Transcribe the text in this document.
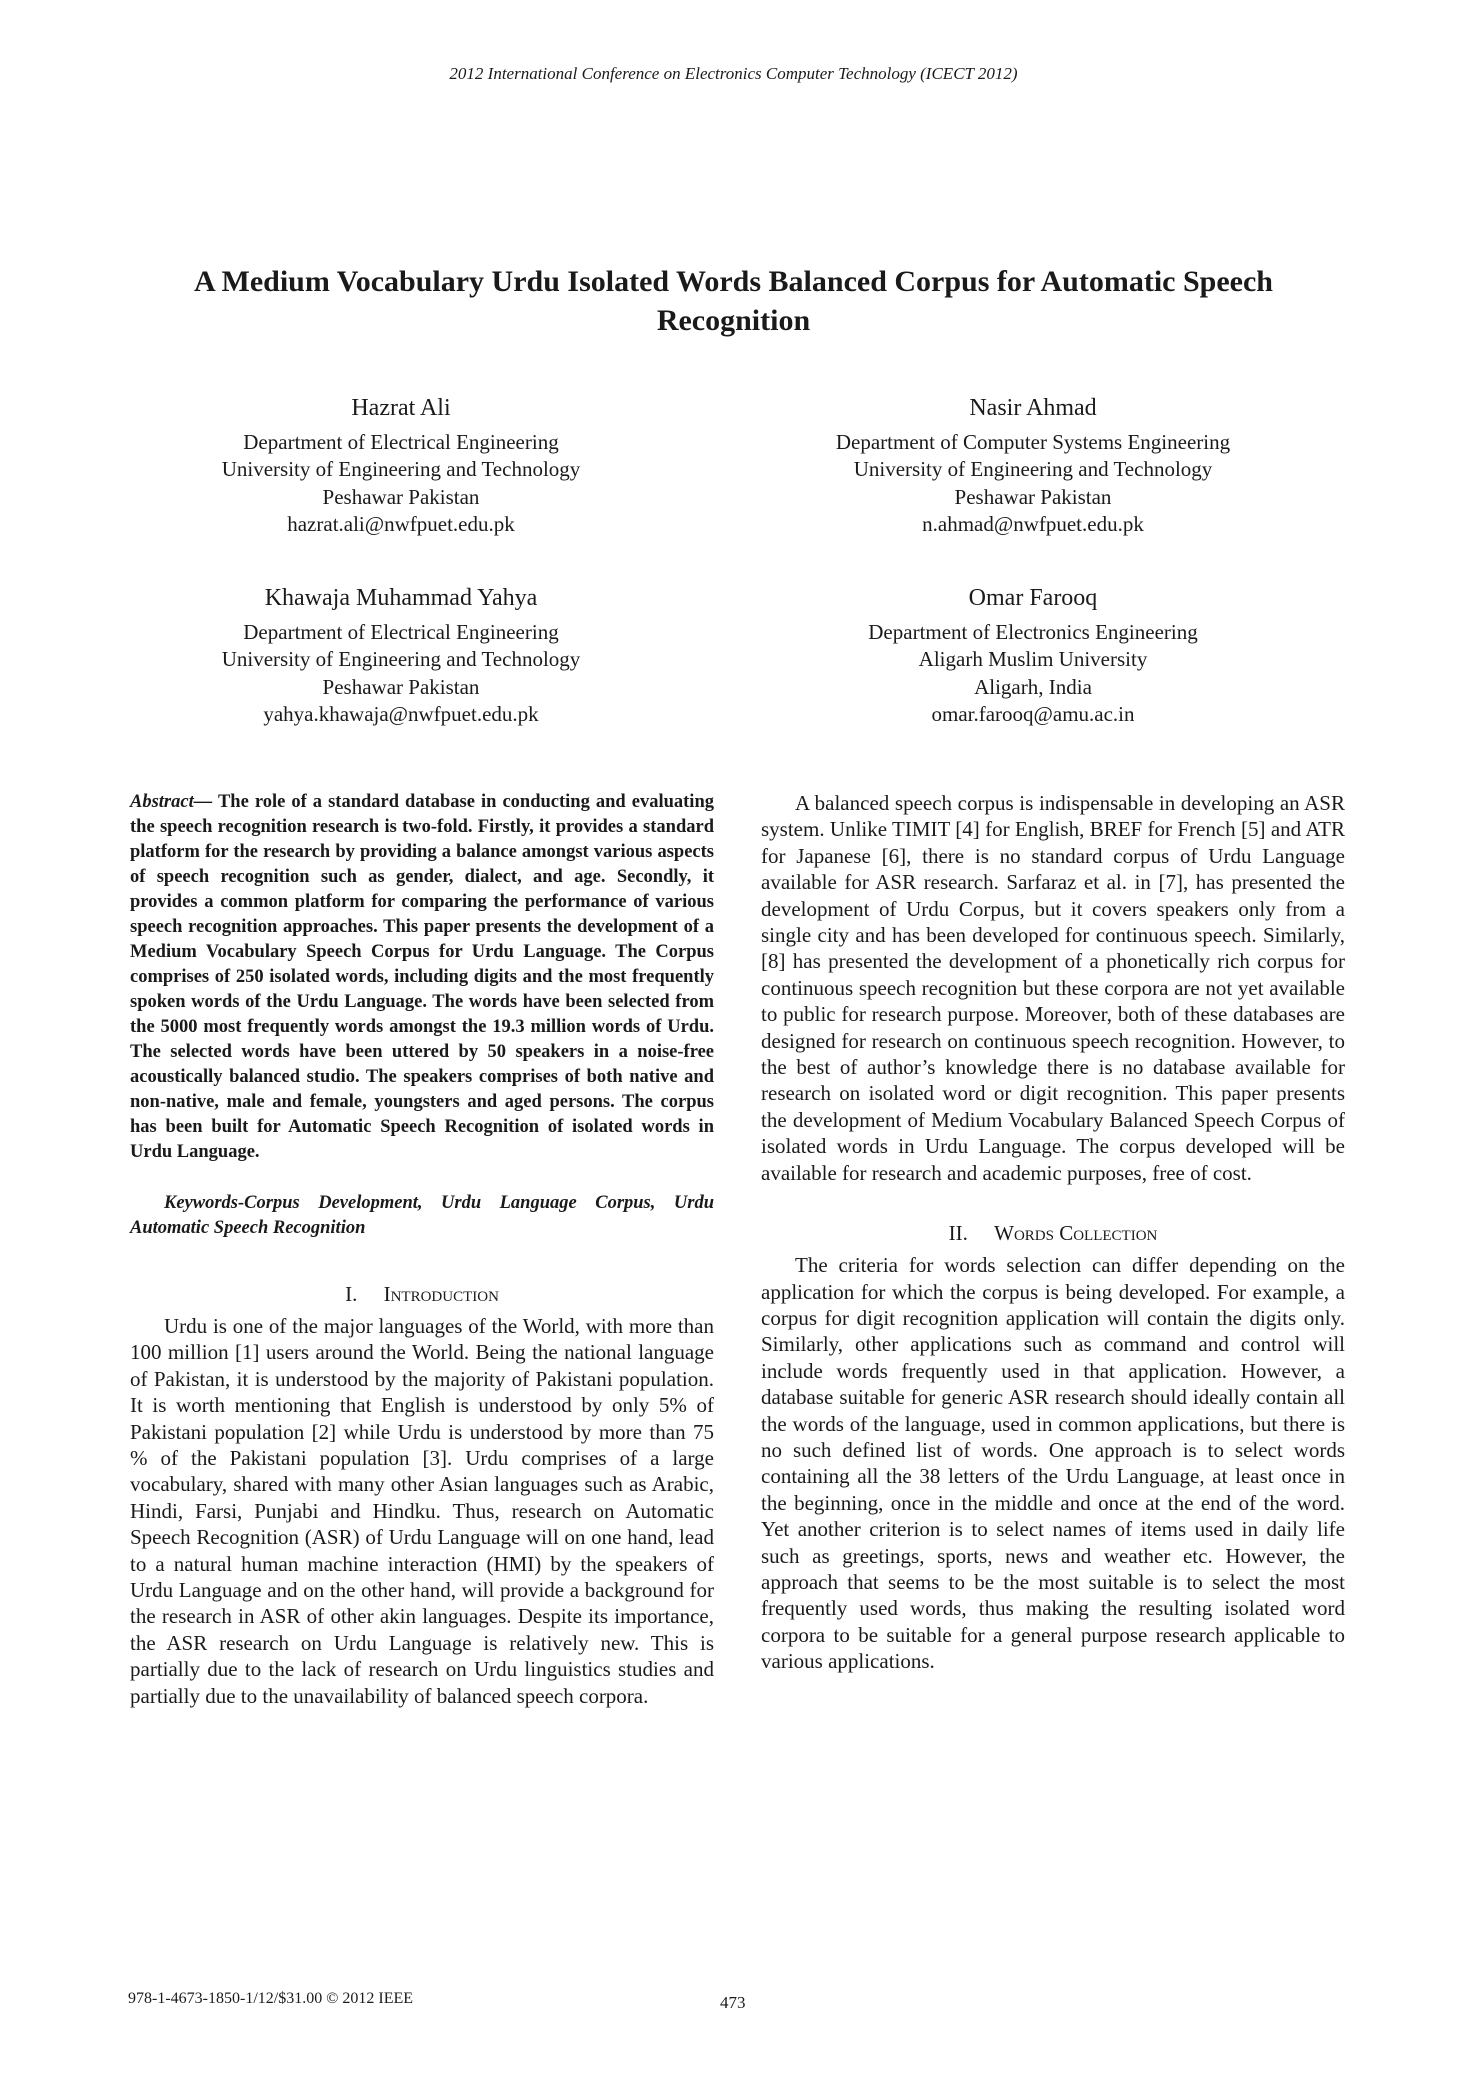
2012 International Conference on Electronics Computer Technology (ICECT 2012)
A Medium Vocabulary Urdu Isolated Words Balanced Corpus for Automatic Speech Recognition
Hazrat Ali
Department of Electrical Engineering
University of Engineering and Technology
Peshawar Pakistan
hazrat.ali@nwfpuet.edu.pk
Nasir Ahmad
Department of Computer Systems Engineering
University of Engineering and Technology
Peshawar Pakistan
n.ahmad@nwfpuet.edu.pk
Khawaja Muhammad Yahya
Department of Electrical Engineering
University of Engineering and Technology
Peshawar Pakistan
yahya.khawaja@nwfpuet.edu.pk
Omar Farooq
Department of Electronics Engineering
Aligarh Muslim University
Aligarh, India
omar.farooq@amu.ac.in
Abstract— The role of a standard database in conducting and evaluating the speech recognition research is two-fold. Firstly, it provides a standard platform for the research by providing a balance amongst various aspects of speech recognition such as gender, dialect, and age. Secondly, it provides a common platform for comparing the performance of various speech recognition approaches. This paper presents the development of a Medium Vocabulary Speech Corpus for Urdu Language. The Corpus comprises of 250 isolated words, including digits and the most frequently spoken words of the Urdu Language. The words have been selected from the 5000 most frequently words amongst the 19.3 million words of Urdu. The selected words have been uttered by 50 speakers in a noise-free acoustically balanced studio. The speakers comprises of both native and non-native, male and female, youngsters and aged persons. The corpus has been built for Automatic Speech Recognition of isolated words in Urdu Language.
Keywords-Corpus Development, Urdu Language Corpus, Urdu Automatic Speech Recognition
I. Introduction

Urdu is one of the major languages of the World, with more than 100 million [1] users around the World. Being the national language of Pakistan, it is understood by the majority of Pakistani population. It is worth mentioning that English is understood by only 5% of Pakistani population [2] while Urdu is understood by more than 75 % of the Pakistani population [3]. Urdu comprises of a large vocabulary, shared with many other Asian languages such as Arabic, Hindi, Farsi, Punjabi and Hindku. Thus, research on Automatic Speech Recognition (ASR) of Urdu Language will on one hand, lead to a natural human machine interaction (HMI) by the speakers of Urdu Language and on the other hand, will provide a background for the research in ASR of other akin languages. Despite its importance, the ASR research on Urdu Language is relatively new. This is partially due to the lack of research on Urdu linguistics studies and partially due to the unavailability of balanced speech corpora.

A balanced speech corpus is indispensable in developing an ASR system. Unlike TIMIT [4] for English, BREF for French [5] and ATR for Japanese [6], there is no standard corpus of Urdu Language available for ASR research. Sarfaraz et al. in [7], has presented the development of Urdu Corpus, but it covers speakers only from a single city and has been developed for continuous speech. Similarly, [8] has presented the development of a phonetically rich corpus for continuous speech recognition but these corpora are not yet available to public for research purpose. Moreover, both of these databases are designed for research on continuous speech recognition. However, to the best of author’s knowledge there is no database available for research on isolated word or digit recognition. This paper presents the development of Medium Vocabulary Balanced Speech Corpus of isolated words in Urdu Language. The corpus developed will be available for research and academic purposes, free of cost.

II. Words Collection

The criteria for words selection can differ depending on the application for which the corpus is being developed. For example, a corpus for digit recognition application will contain the digits only. Similarly, other applications such as command and control will include words frequently used in that application. However, a database suitable for generic ASR research should ideally contain all the words of the language, used in common applications, but there is no such defined list of words. One approach is to select words containing all the 38 letters of the Urdu Language, at least once in the beginning, once in the middle and once at the end of the word. Yet another criterion is to select names of items used in daily life such as greetings, sports, news and weather etc. However, the approach that seems to be the most suitable is to select the most frequently used words, thus making the resulting isolated word corpora to be suitable for a general purpose research applicable to various applications.

978-1-4673-1850-1/12/$31.00 © 2012 IEEE	473
